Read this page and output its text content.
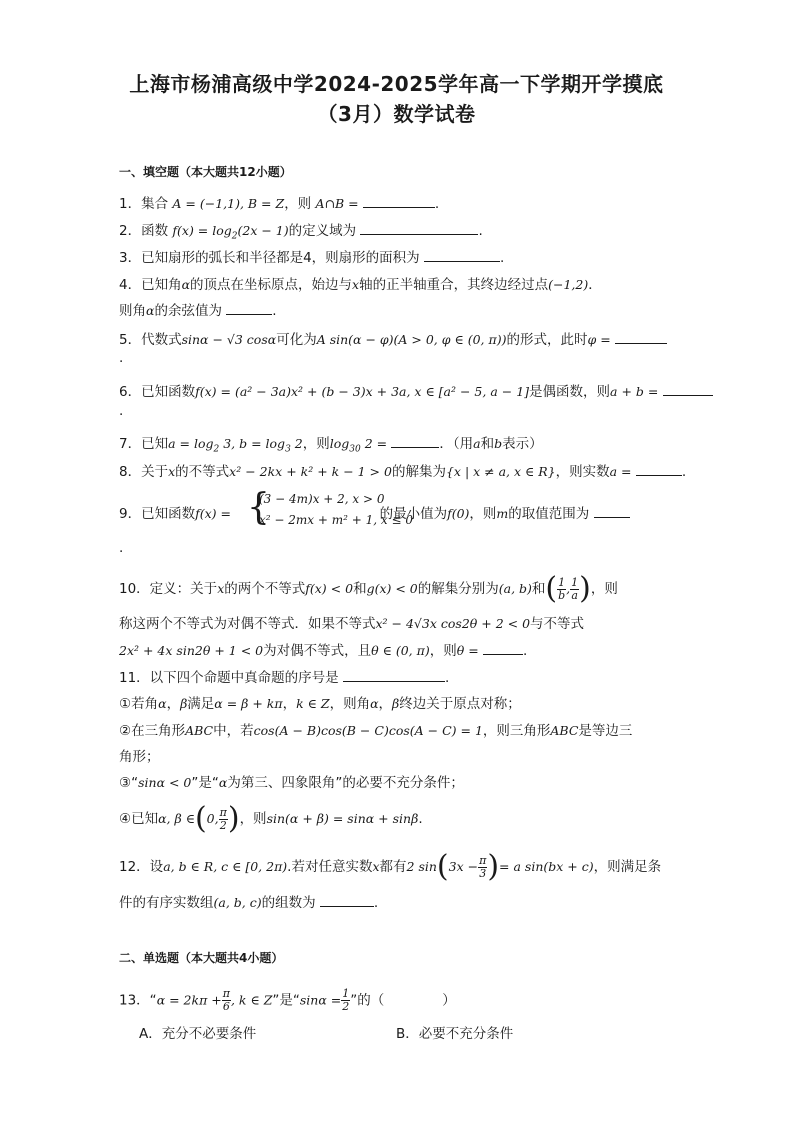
上海市杨浦高级中学2024-2025学年高一下学期开学摸底
（3月）数学试卷
一、填空题（本大题共12小题）
1．集合 A = (−1,1), B = Z，则 A∩B =	.
2．函数 $f(x) = \log_2(2x - 1)$的定义域为	.
3．已知扇形的弧长和半径都是4，则扇形的面积为	.
4．已知角α的顶点在坐标原点，始边与x轴的正半轴重合，其终边经过点(−1,2)．
则角α的余弦值为	.
5．代数式sinα − √3 cosα可化为A sin(α − φ)(A > 0, φ ∈ (0, π))的形式，此时φ =
.
6．已知函数f(x) = (a² − 3a)x² + (b − 3)x + 3a, x ∈ [a² − 5, a − 1]是偶函数，则a + b =
.
7．已知$a = \log_2 3$, $b = \log_3 2$，则$\log_{30} 2$ =	．（用a和b表示）
8．关于x的不等式x² − 2kx + k² + k − 1 > 0的解集为{x | x ≠ a, x ∈ R}，则实数a =	.
9．已知函数f(x) =	的最小值为f(0)，则m的取值范围为
{
(3 − 4m)x + 2, x > 0
x² − 2mx + m² + 1, x ≤ 0
.
10．定义：关于x的两个不等式f(x) < 0和g(x) < 0的解集分别为(a, b)和( $\frac{1}{b}$ , $\frac{1}{a}$ )，则
称这两个不等式为对偶不等式．如果不等式x² − 4√3x cos2θ + 2 < 0与不等式
2x² + 4x sin2θ + 1 < 0为对偶不等式，且θ ∈ (0, π)，则θ =	.
11．以下四个命题中真命题的序号是	.
①若角α，β满足α = β + kπ，k ∈ Z，则角α，β终边关于原点对称；
②在三角形ABC中，若cos(A − B)cos(B − C)cos(A − C) = 1，则三角形ABC是等边三
角形；
③“sinα < 0”是“α为第三、四象限角”的必要不充分条件；
④已知α, β ∈(0, $\frac{\pi}{2}$ )，则sin(α + β) = sinα + sinβ.
12．设a, b ∈ R, c ∈ [0, 2π).若对任意实数x都有2 $\sin(3x - \frac{\pi}{3}$ )= a sin(bx + c)，则满足条
件的有序实数组(a, b, c)的组数为	.
二、单选题（本大题共4小题）
13．“$\alpha = 2k\pi + \frac{\pi}{6}$ , k ∈ Z”是“$\sin\alpha = \frac{1}{2}$ ”的（	）
A．充分不必要条件	B．必要不充分条件
